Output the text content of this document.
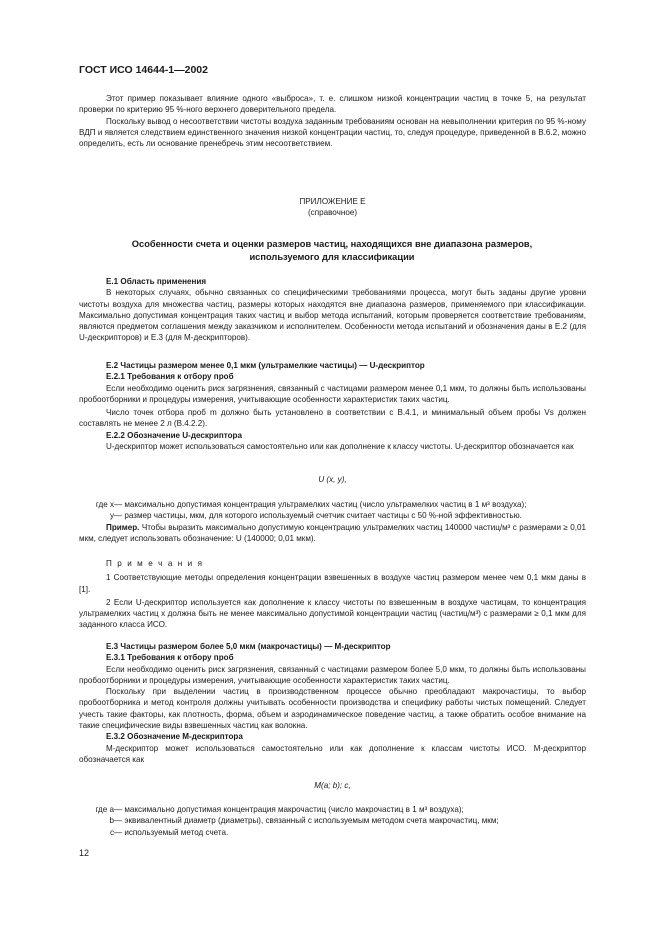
ГОСТ ИСО 14644-1—2002

Этот пример показывает влияние одного «выброса», т. е. слишком низкой концентрации частиц в точке 5, на результат проверки по критерию 95 %-ного верхнего доверительного предела.

Поскольку вывод о несоответствии чистоты воздуха заданным требованиям основан на невыполнении критерия по 95 %-ному ВДП и является следствием единственного значения низкой концентрации частиц, то, следуя процедуре, приведенной в В.6.2, можно определить, есть ли основание пренебречь этим несоответствием.

ПРИЛОЖЕНИЕ Е

(справочное)

Особенности счета и оценки размеров частиц, находящихся вне диапазона размеров, используемого для классификации

Е.1 Область применения

В некоторых случаях, обычно связанных со специфическими требованиями процесса, могут быть заданы другие уровни чистоты воздуха для множества частиц, размеры которых находятся вне диапазона размеров, применяемого при классификации. Максимально допустимая концентрация таких частиц и выбор метода испытаний, которым проверяется соответствие требованиям, являются предметом соглашения между заказчиком и исполнителем. Особенности метода испытаний и обозначения даны в Е.2 (для U-дескрипторов) и Е.3 (для M-дескрипторов).

Е.2 Частицы размером менее 0,1 мкм (ультрамелкие частицы) — U-дескриптор

Е.2.1 Требования к отбору проб

Если необходимо оценить риск загрязнения, связанный с частицами размером менее 0,1 мкм, то должны быть использованы пробоотборники и процедуры измерения, учитывающие особенности характеристик таких частиц.

Число точек отбора проб m должно быть установлено в соответствии с В.4.1, и минимальный объем пробы Vs должен составлять не менее 2 л (В.4.2.2).

Е.2.2 Обозначение U-дескриптора

U-дескриптор может использоваться самостоятельно или как дополнение к классу чистоты. U-дескриптор обозначается как

U (x, y),

где x — максимально допустимая концентрация ультрамелких частиц (число ультрамелких частиц в 1 м³ воздуха);
y — размер частицы, мкм, для которого используемый счетчик считает частицы с 50 %-ной эффективностью.

Пример. Чтобы выразить максимально допустимую концентрацию ультрамелких частиц 140000 частиц/м³ с размерами ≥ 0,01 мкм, следует использовать обозначение: U (140000; 0,01 мкм).

П р и м е ч а н и я

1 Соответствующие методы определения концентрации взвешенных в воздухе частиц размером менее чем 0,1 мкм даны в [1].

2 Если U-дескриптор используется как дополнение к классу чистоты по взвешенным в воздухе частицам, то концентрация ультрамелких частиц x должна быть не менее максимально допустимой концентрации частиц (частиц/м³) с размерами ≥ 0,1 мкм для заданного класса ИСО.

Е.3 Частицы размером более 5,0 мкм (макрочастицы) — M-дескриптор

Е.3.1 Требования к отбору проб

Если необходимо оценить риск загрязнения, связанный с частицами размером более 5,0 мкм, то должны быть использованы пробоотборники и процедуры измерения, учитывающие особенности характеристик таких частиц.

Поскольку при выделении частиц в производственном процессе обычно преобладают макрочастицы, то выбор пробоотборника и метод контроля должны учитывать особенности производства и специфику работы чистых помещений. Следует учесть такие факторы, как плотность, форма, объем и аэродинамическое поведение частиц, а также обратить особое внимание на такие специфические виды взвешенных частиц как волокна.

Е.3.2 Обозначение M-дескриптора

M-дескриптор может использоваться самостоятельно или как дополнение к классам чистоты ИСО. M-дескриптор обозначается как

M(a; b); c,

где a — максимально допустимая концентрация макрочастиц (число макрочастиц в 1 м³ воздуха);
b — эквивалентный диаметр (диаметры), связанный с используемым методом счета макрочастиц, мкм;
c — используемый метод счета.
12
